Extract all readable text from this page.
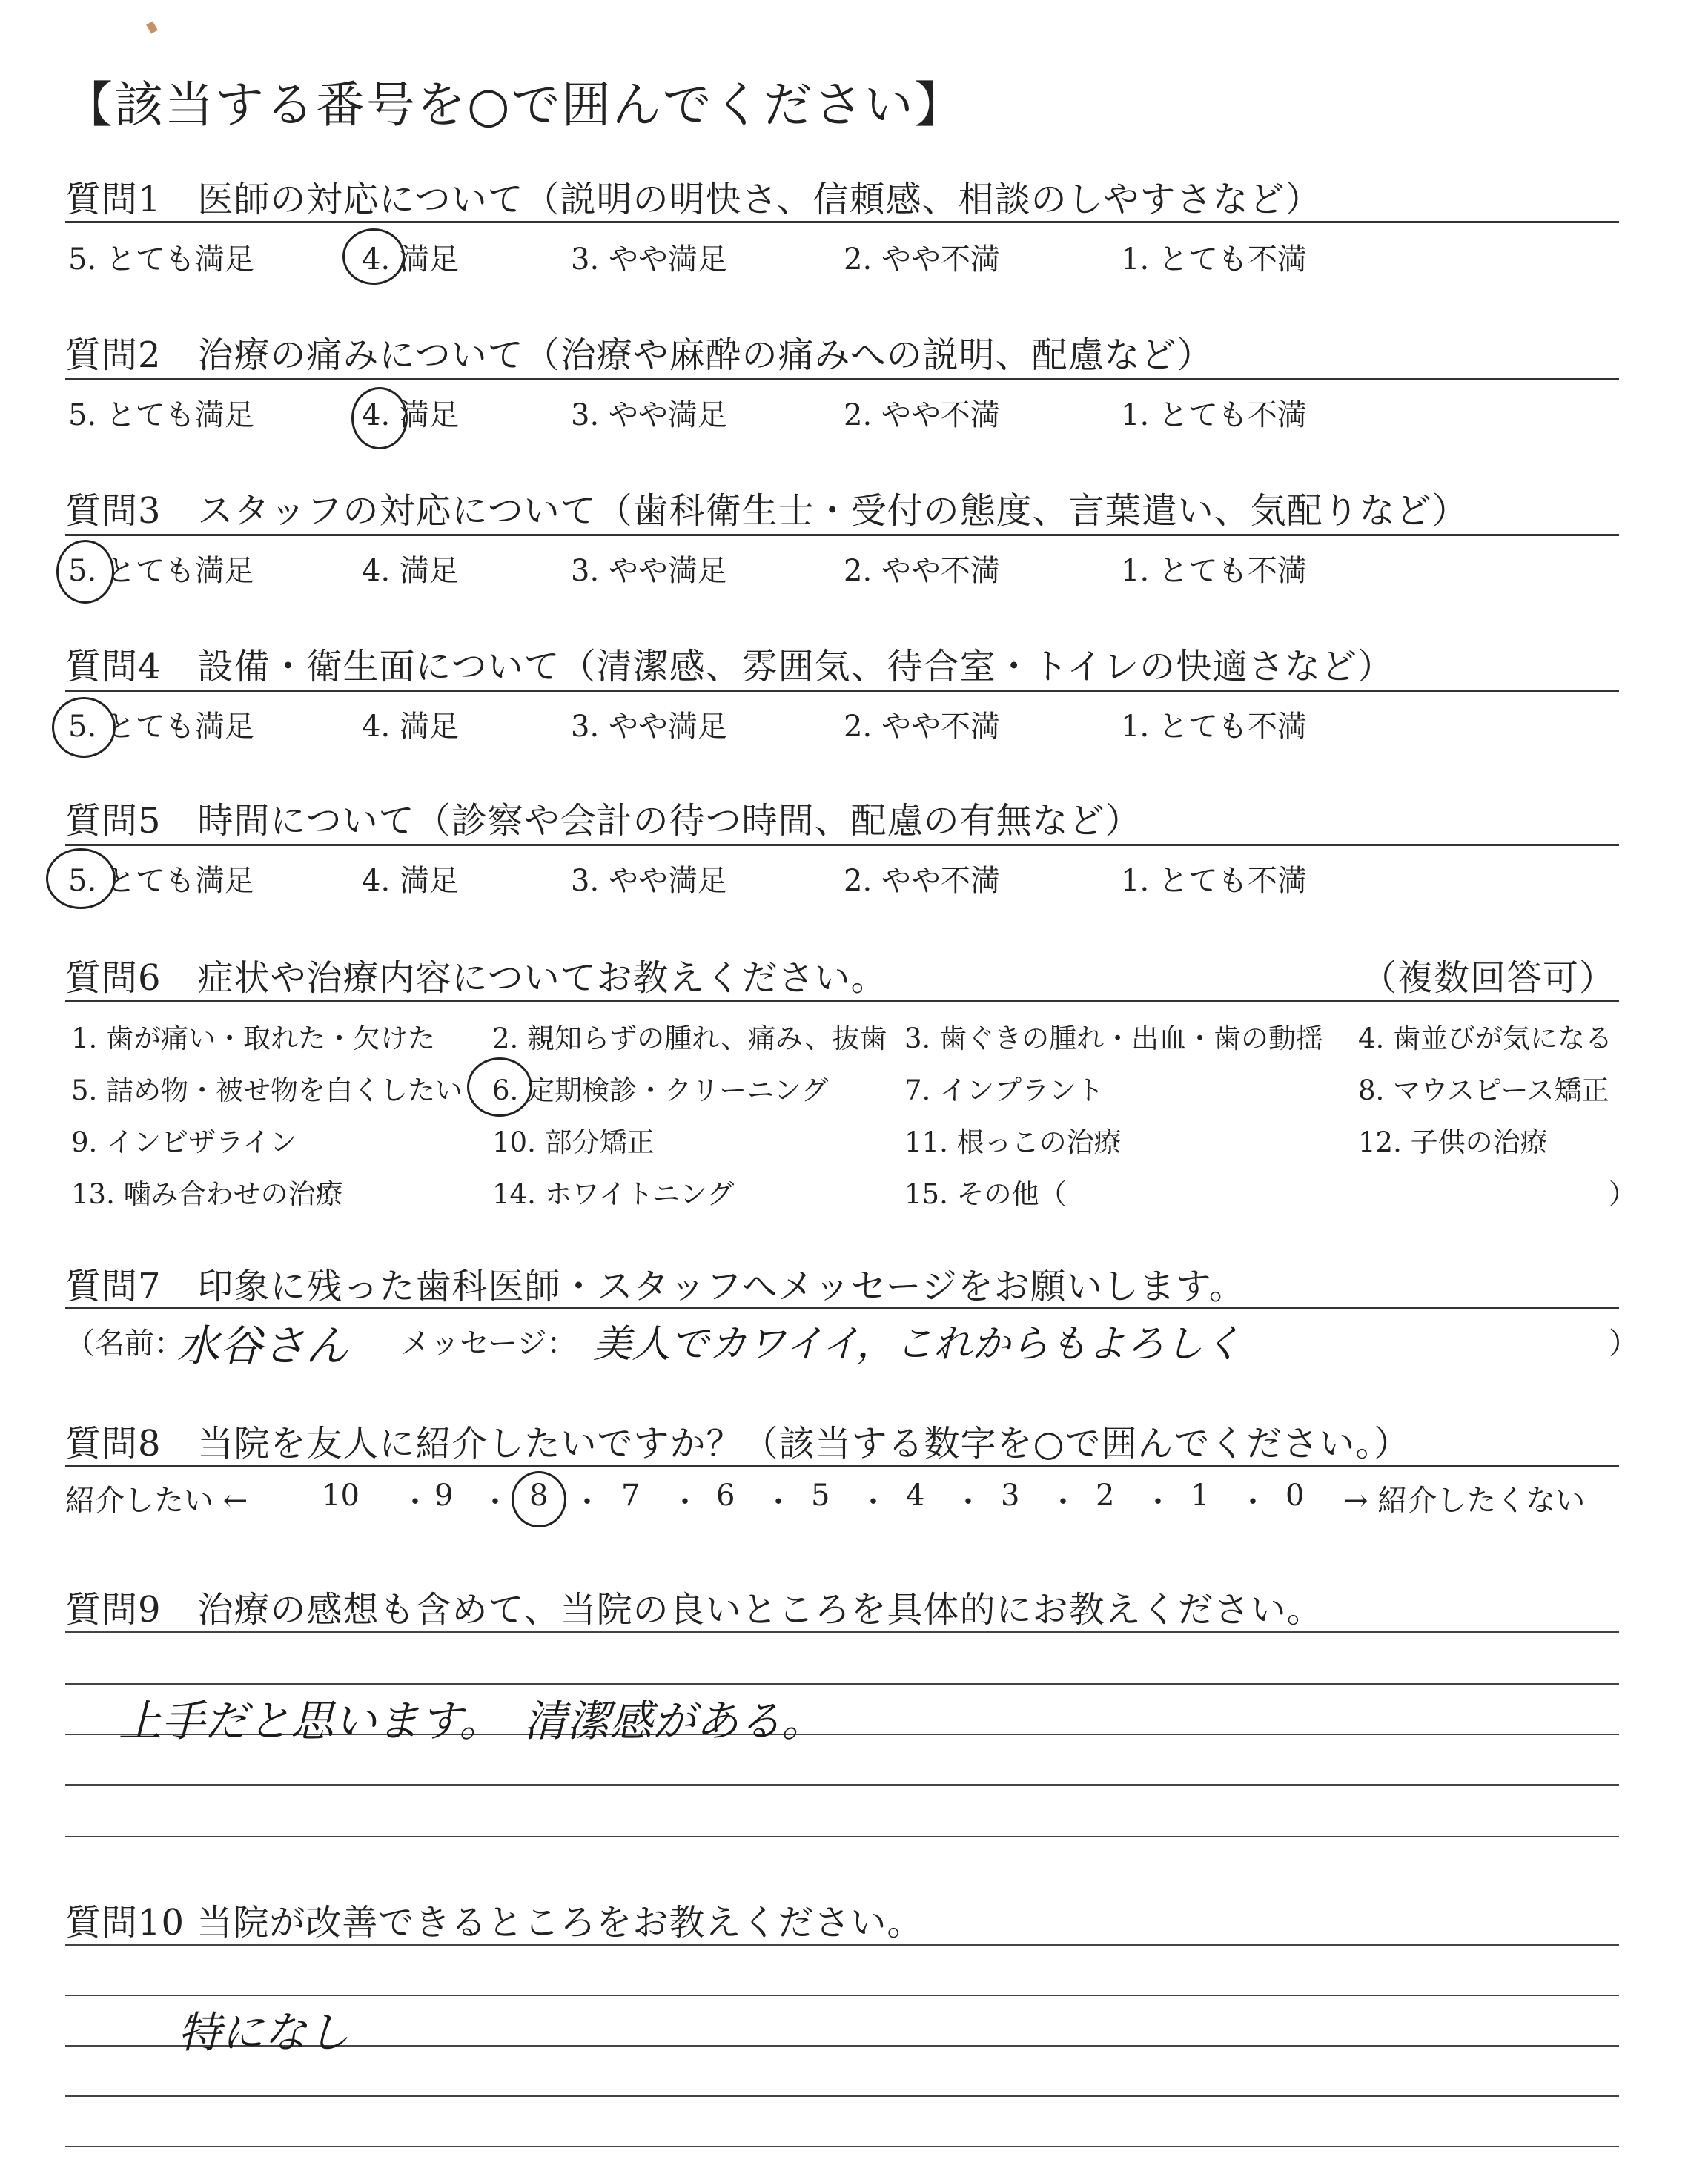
【該当する番号を○で囲んでください】
質問1　医師の対応について（説明の明快さ、信頼感、相談のしやすさなど）
5. とても満足	4. 満足	3. やや満足	2. やや不満	1. とても不満
質問2　治療の痛みについて（治療や麻酔の痛みへの説明、配慮など）
5. とても満足	4. 満足	3. やや満足	2. やや不満	1. とても不満
質問3　スタッフの対応について（歯科衛生士・受付の態度、言葉遣い、気配りなど）
5. とても満足	4. 満足	3. やや満足	2. やや不満	1. とても不満
質問4　設備・衛生面について（清潔感、雰囲気、待合室・トイレの快適さなど）
5. とても満足	4. 満足	3. やや満足	2. やや不満	1. とても不満
質問5　時間について（診察や会計の待つ時間、配慮の有無など）
5. とても満足	4. 満足	3. やや満足	2. やや不満	1. とても不満
質問6　症状や治療内容についてお教えください。	（複数回答可）
1. 歯が痛い・取れた・欠けた 2. 親知らずの腫れ、痛み、抜歯 3. 歯ぐきの腫れ・出血・歯の動揺 4. 歯並びが気になる
5. 詰め物・被せ物を白くしたい 6. 定期検診・クリーニング	7. インプラント	8. マウスピース矯正
9. インビザライン	10. 部分矯正	11. 根っこの治療	12. 子供の治療
13. 噛み合わせの治療	14. ホワイトニング	15. その他（	）
質問7　印象に残った歯科医師・スタッフへメッセージをお願いします。
（名前：
水谷さん メッセージ： 美人でカワイイ，これからもよろしく	）
質問8　当院を友人に紹介したいですか？（該当する数字を○で囲んでください。）
紹介したい ← 10 ・ 9 ・ 8 ・ 7 ・ 6 ・ 5 ・ 4 ・ 3 ・ 2 ・ 1 ・ 0 → 紹介したくない
質問9　治療の感想も含めて、当院の良いところを具体的にお教えください。
上手だと思います。　清潔感がある。
質問10 当院が改善できるところをお教えください。
特になし
